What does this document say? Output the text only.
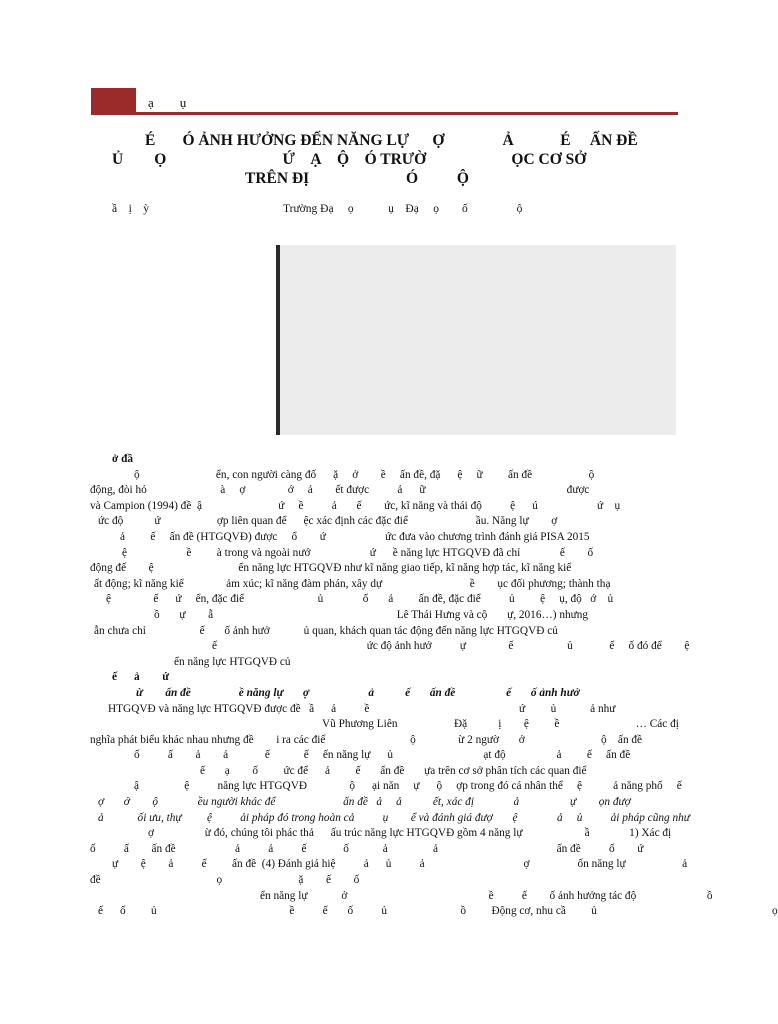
ạ        ụ
É       Ó ẢNH HƯỞNG ĐẾN NĂNG LỰ      Ợ               Ả            É     ẤN ĐỀ
Ủ        Ọ                              Ứ    Ạ    Ộ    Ó TRƯỜ                      ỌC CƠ SỞ
TRÊN ĐỊ                         Ó          Ộ
ầ    ị    ỳ	Trường Đạ     ọ            ụ    Đạ     ọ        ố                 ộ
ở đầ
ộ                           ển, con người càng đố      ặ     ở        ề     ấn đề, đặ      ệ     ữ         ấn đề                    ộ
động, đòi hỏ                          à     ợ               ớ     ả        ết được          ả      ữ                                                  được
và Campion (1994) đề  ậ                           ứ     ề          ả       ế        ức, kĩ năng và thái độ          ệ      ú                     ứ    ụ
ức độ           ứ                    ợp liên quan để      ệc xác định các đặc điể                        ầu. Năng lự        ợ
ả         ế     ấn đề (HTGQVĐ) được     ổ        ứ                     ức đưa vào chương trình đánh giá PISA 2015
ệ                     ề         à trong và ngoài nướ                     ứ      ề năng lực HTGQVĐ đã chỉ              ế        ố
động đế        ệ                              ển năng lực HTGQVĐ như kĩ năng giao tiếp, kĩ năng hợp tác, kĩ năng kiể
ất động; kĩ năng kiể               ảm xúc; kĩ năng đàm phán, xây dự                               ề        ục đối phương; thành thạ
ệ               ế      ứ     ển, đặc điể                          ủ              ố       ả         ấn đề, đặc điể          ủ         ệ     ụ, độ   ớ    ủ
ồ       ự        ẫ                                                                 Lê Thái Hưng và cộ       ự, 2016…) nhưng
ẫn chưa chỉ                   ế       ố ảnh hưở            ủ quan, khách quan tác động đến năng lực HTGQVĐ củ
ế                                                     ức độ ảnh hưở          ự               ế                   ủ             ế     ố đó để        ệ
ển năng lực HTGQVĐ củ
ế      ả        ứ
ừ        ấn đề                 ề năng lự       ợ                     ả           ế       ấn đề                  ế       ố ảnh hưở
HTGQVĐ và năng lực HTGQVĐ được đề   ầ      ả          ề                                                     ứ         ủ            ả như
Vũ Phương Liên                    Đặ           ị        ệ         ề                           … Các đị
nghĩa phát biểu khác nhau nhưng đề        i ra các điể                              ộ               ừ 2 ngườ       ở                           ộ    ấn đề
ố          ấ        ả        ả             ế            ế     ến năng lự      ủ                                ạt độ                  ả         ế     ấn đề
ế       ạ        ố         ức để      ả         ế       ấn đề       ựa trên cơ sở phân tích các quan điể
ậ                ệ          năng lực HTGQVĐ               ộ      ại năn     ự      ộ     ợp trong đó cá nhân thể     ệ           ả năng phố     ế
ợ       ớ        ộ              ều người khác để                        ấn đề   ả     ả           ết, xác đị              ả                  ự        ọn đượ
ả            ối ưu, thự         ệ          ải pháp đó trong hoàn cả          ụ        ể và đánh giá đượ       ệ              ả     ủ          ải pháp cũng như
ợ                  ừ đó, chúng tôi phác thả      ấu trúc năng lực HTGQVĐ gồm 4 năng lự                      ầ              1) Xác đị
ố          ấ        ấn đề                     ả          ả          ế             ố            ả                ả                                          ấn đề          ố        ứ
ự        ệ        ả          ế         ấn đề  (4) Đánh giá hiệ          ả      ủ          ả                                   ợ                 ốn năng lự                    ả
đề                                         ọ                           ặ        ế        ố
ển năng lự            ở                                                  ề          ế        ố ảnh hưởng tác độ                         ồ
ế      ố         ủ                                               ề          ế       ố          ủ                          ồ         Động cơ, nhu cầ         ủ                                                              ọ
